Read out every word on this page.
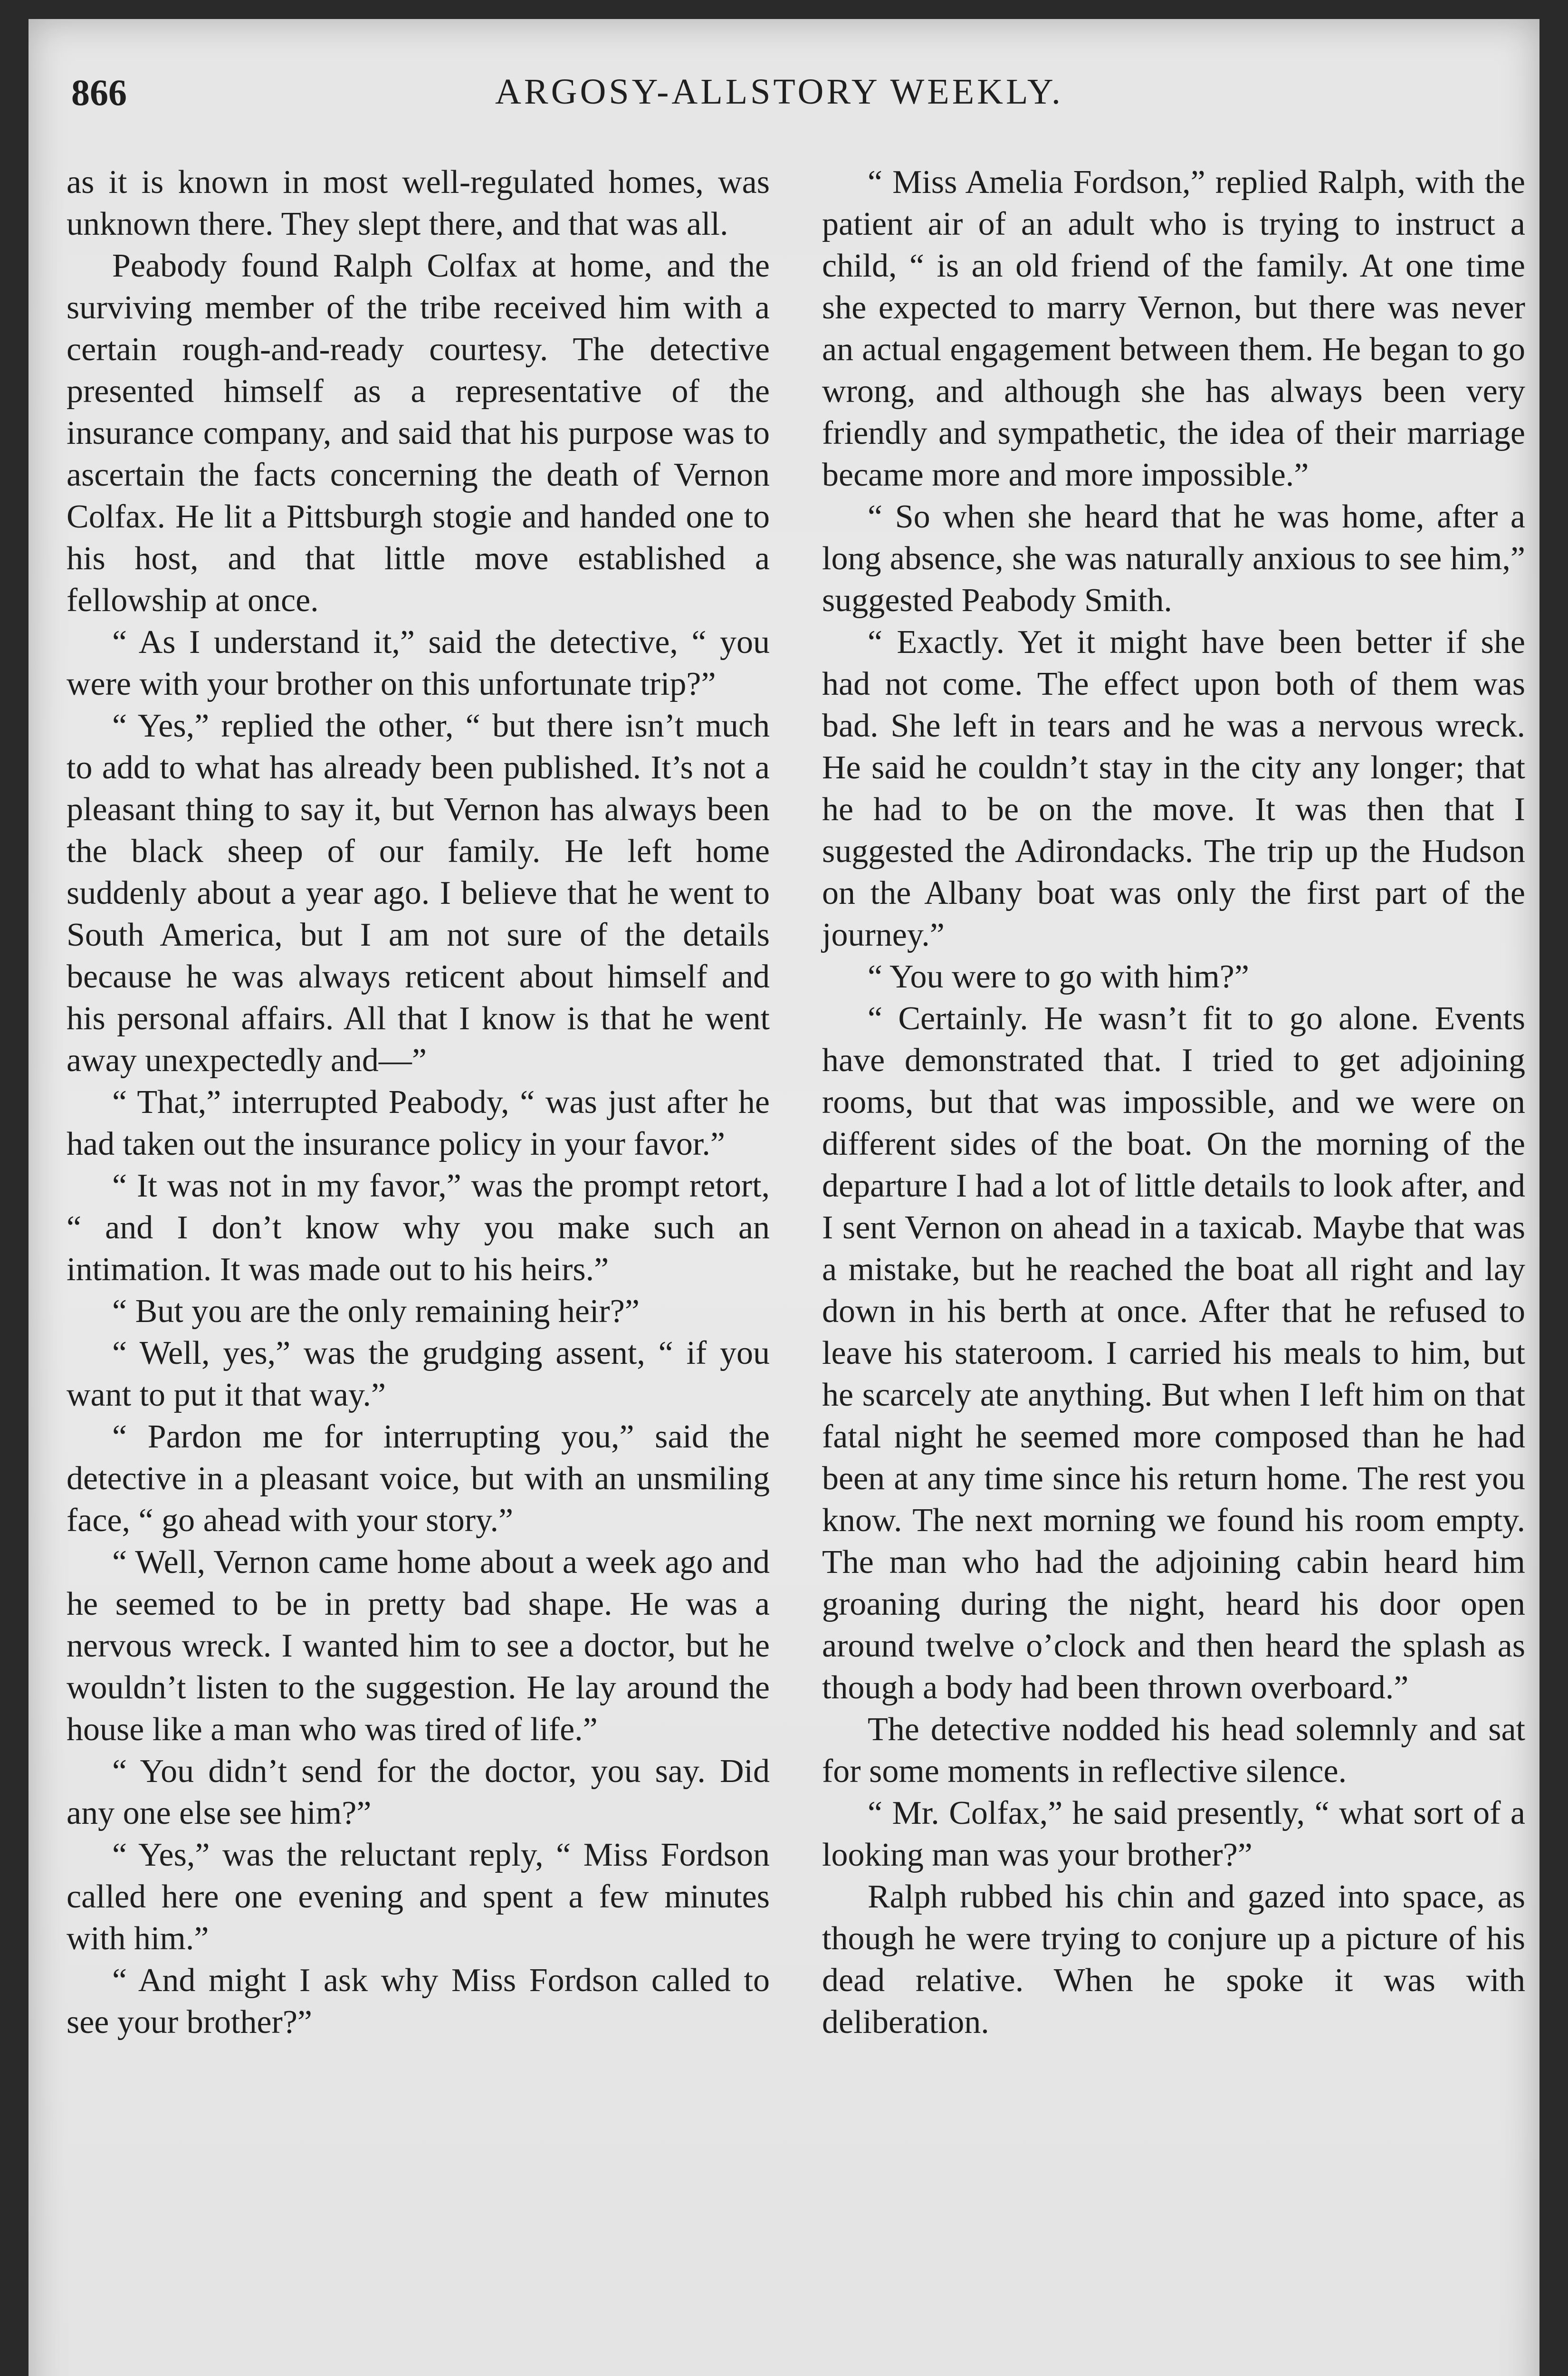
866	ARGOSY-ALLSTORY WEEKLY.

as it is known in most well-regulated homes, was unknown there. They slept there, and that was all.

Peabody found Ralph Colfax at home, and the surviving member of the tribe received him with a certain rough-and-ready courtesy. The detective presented himself as a representative of the insurance company, and said that his purpose was to ascertain the facts concerning the death of Vernon Colfax. He lit a Pittsburgh stogie and handed one to his host, and that little move established a fellowship at once.

“ As I understand it,” said the detective, “ you were with your brother on this unfortunate trip?”

“ Yes,” replied the other, “ but there isn’t much to add to what has already been published. It’s not a pleasant thing to say it, but Vernon has always been the black sheep of our family. He left home suddenly about a year ago. I believe that he went to South America, but I am not sure of the details because he was always reticent about himself and his personal affairs. All that I know is that he went away unexpectedly and—”

“ That,” interrupted Peabody, “ was just after he had taken out the insurance policy in your favor.”

“ It was not in my favor,” was the prompt retort, “ and I don’t know why you make such an intimation. It was made out to his heirs.”

“ But you are the only remaining heir?”

“ Well, yes,” was the grudging assent, “ if you want to put it that way.”

“ Pardon me for interrupting you,” said the detective in a pleasant voice, but with an unsmiling face, “ go ahead with your story.”

“ Well, Vernon came home about a week ago and he seemed to be in pretty bad shape. He was a nervous wreck. I wanted him to see a doctor, but he wouldn’t listen to the suggestion. He lay around the house like a man who was tired of life.”

“ You didn’t send for the doctor, you say. Did any one else see him?”

“ Yes,” was the reluctant reply, “ Miss Fordson called here one evening and spent a few minutes with him.”

“ And might I ask why Miss Fordson called to see your brother?”

“ Miss Amelia Fordson,” replied Ralph, with the patient air of an adult who is trying to instruct a child, “ is an old friend of the family. At one time she expected to marry Vernon, but there was never an actual engagement between them. He began to go wrong, and although she has always been very friendly and sympathetic, the idea of their marriage became more and more impossible.”

“ So when she heard that he was home, after a long absence, she was naturally anxious to see him,” suggested Peabody Smith.

“ Exactly. Yet it might have been better if she had not come. The effect upon both of them was bad. She left in tears and he was a nervous wreck. He said he couldn’t stay in the city any longer; that he had to be on the move. It was then that I suggested the Adirondacks. The trip up the Hudson on the Albany boat was only the first part of the journey.”

“ You were to go with him?”

“ Certainly. He wasn’t fit to go alone. Events have demonstrated that. I tried to get adjoining rooms, but that was impossible, and we were on different sides of the boat. On the morning of the departure I had a lot of little details to look after, and I sent Vernon on ahead in a taxicab. Maybe that was a mistake, but he reached the boat all right and lay down in his berth at once. After that he refused to leave his stateroom. I carried his meals to him, but he scarcely ate anything. But when I left him on that fatal night he seemed more composed than he had been at any time since his return home. The rest you know. The next morning we found his room empty. The man who had the adjoining cabin heard him groaning during the night, heard his door open around twelve o’clock and then heard the splash as though a body had been thrown overboard.”

The detective nodded his head solemnly and sat for some moments in reflective silence.

“ Mr. Colfax,” he said presently, “ what sort of a looking man was your brother?”

Ralph rubbed his chin and gazed into space, as though he were trying to conjure up a picture of his dead relative. When he spoke it was with deliberation.
